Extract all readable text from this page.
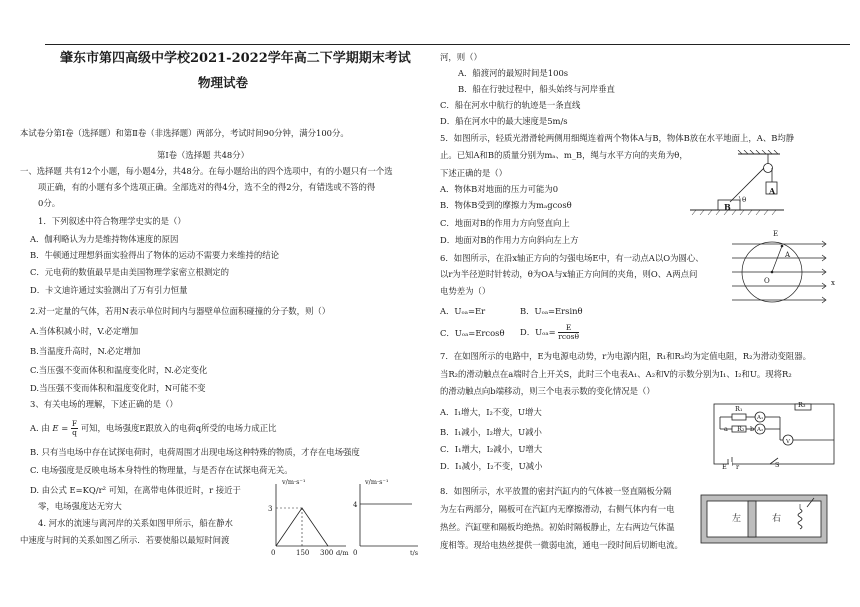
肇东市第四高级中学校2021-2022学年高二下学期期末考试
物理试卷
本试卷分第Ⅰ卷（选择题）和第Ⅱ卷（非选择题）两部分，考试时间90分钟，满分100分。
第Ⅰ卷（选择题 共48分）
一、选择题 共有12个小题，每小题4分，共48分。在每小题给出的四个选项中，有的小题只有一个选
项正确，有的小题有多个选项正确。全部选对的得4分，选不全的得2分，有错选或不答的得
0分。
1．下列叙述中符合物理学史实的是（）
A．伽利略认为力是维持物体速度的原因
B．牛顿通过理想斜面实验得出了物体的运动不需要力来维持的结论
C．元电荷的数值最早是由美国物理学家密立根测定的
D．卡文迪许通过实验测出了万有引力恒量
2.对一定量的气体，若用N表示单位时间内与器壁单位面积碰撞的分子数，则（）
A.当体积减小时，V.必定增加
B.当温度升高时，N.必定增加
C.当压强不变而体积和温度变化时，N.必定变化
D.当压强不变而体积和温度变化时，N可能不变
3、有关电场的理解，下述正确的是（）
A. 由 $E = \frac{F}{q}$ 可知，电场强度E跟放入的电荷q所受的电场力成正比
B. 只有当电场中存在试探电荷时，电荷周围才出现电场这种特殊的物质，才存在电场强度
C. 电场强度是反映电场本身特性的物理量，与是否存在试探电荷无关。
D. 由公式 E=KQ/r² 可知，在离带电体很近时，r 接近于
零，电场强度达无穷大
4. 河水的流速与离河岸的关系如图甲所示，船在静水
中速度与时间的关系如图乙所示．若要使船以最短时间渡
v/m·s⁻¹
3
0	150 300 d/m
v/m·s⁻¹
4
0	t/s
河，则（）
A．船渡河的最短时间是100s
B．船在行驶过程中，船头始终与河岸垂直
C．船在河水中航行的轨迹是一条直线
D．船在河水中的最大速度是5m/s
5．如图所示，轻质光滑滑轮两侧用细绳连着两个物体A与B，物体B放在水平地面上，A、B均静
止。已知A和B的质量分别为mₐ、m_B，绳与水平方向的夹角为θ，
下述正确的是（）
A．物体B对地面的压力可能为0
B．物体B受到的摩擦力为mₐgcosθ
C．地面对B的作用力方向竖直向上
D．地面对B的作用力方向斜向左上方
A
B
θ
6．如图所示，在沿x轴正方向的匀强电场E中，有一动点A以O为圆心、
以r为半径逆时针转动，θ为OA与x轴正方向间的夹角，则O、A两点问
电势差为（）
A．Uₒₐ=Er	B．Uₒₐ=Ersinθ
C．Uₒₐ=Ercosθ D．$U_{oa}= \frac{E}{rcos\theta}$
E
A
O	x
7．在如图所示的电路中，E为电源电动势，r为电源内阻，R₁和R₃均为定值电阻，R₂为滑动变阻器。
当R₂的滑动触点在a端时合上开关S，此时三个电表A₁、A₂和V的示数分别为I₁、I₂和U。现将R₂
的滑动触点向b端移动，则三个电表示数的变化情况是（）
A．I₁增大，I₂不变，U增大
B．I₁减小，I₂增大，U减小
C．I₁增大，I₂减小，U增大
D．I₁减小，I₂不变，U减小
R₁
R₂
R₃
A₁
A₂
V
a	b
E r	S
8．如图所示，水平放置的密封汽缸内的气体被一竖直隔板分隔
为左右两部分，隔板可在汽缸内无摩擦滑动，右侧气体内有一电
热丝。汽缸壁和隔板均绝热。初始时隔板静止，左右两边气体温
度相等。现给电热丝提供一微弱电流，通电一段时间后切断电流。
左	右
